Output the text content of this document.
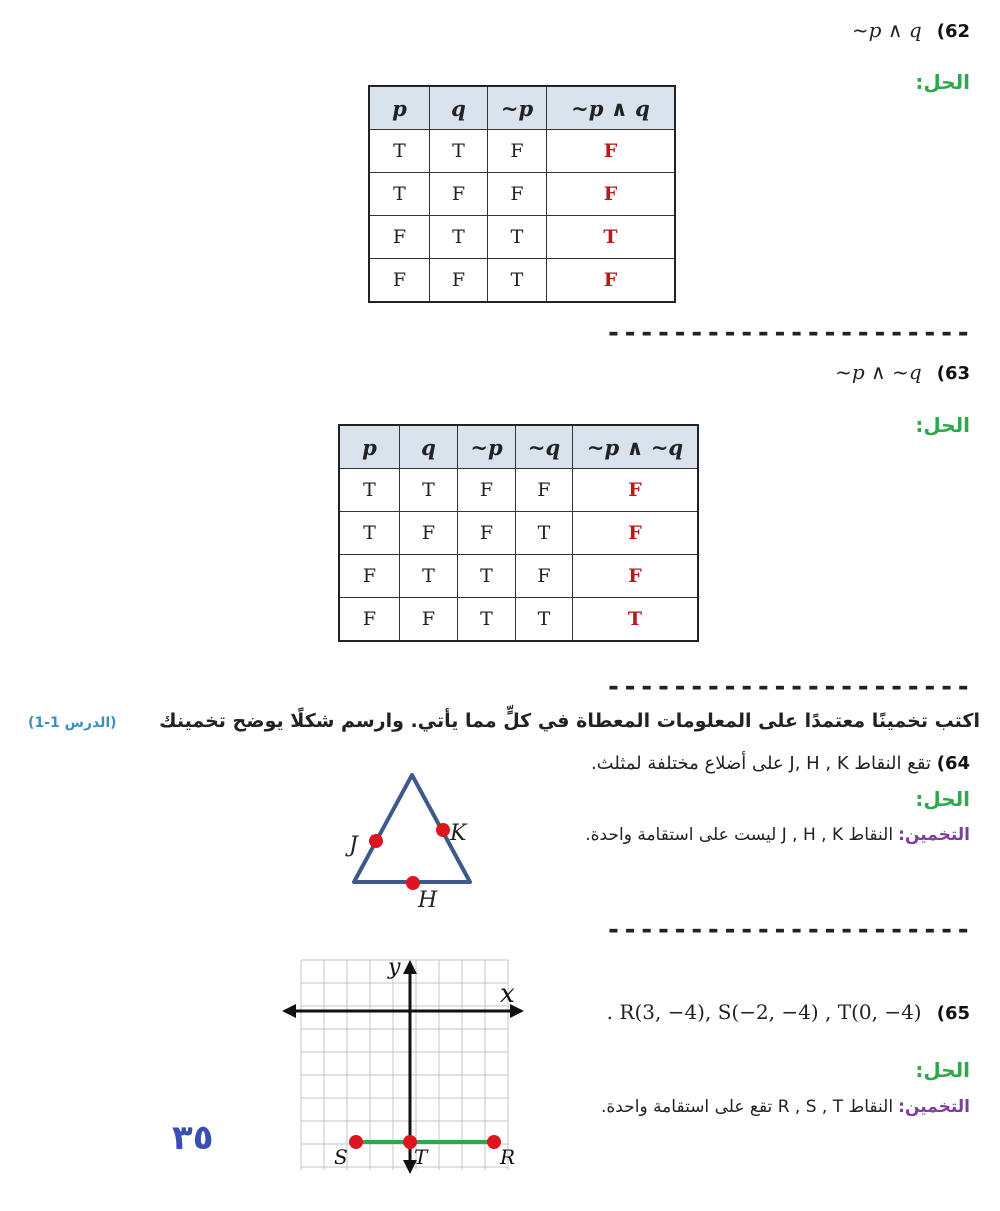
~p ∧ q (62
الحل:
p	q	~p	~p ∧ q
T	T	F	F
T	F	F	F
F	T	T	T
F	F	T	F
----------------------
~p ∧ ~q (63
الحل:
p	q	~p	~q	~p ∧ ~q
T	T	F	F	F
T	F	F	T	F
F	T	T	F	F
F	F	T	T	T
----------------------
اكتب تخمينًا معتمدًا على المعلومات المعطاة في كلٍّ مما يأتي. وارسم شكلًا يوضح تخمينك (الدرس 1-1)
64) تقع النقاط J, H , K على أضلاع مختلفة لمثلث.
الحل:
التخمين: النقاط J , H , K ليست على استقامة واحدة.
J	K
H
----------------------
. R(3, −4), S(−2, −4) , T(0, −4) (65
الحل:
التخمين: النقاط R , S , T تقع على استقامة واحدة.
y
x
S	T	R
٣٥
